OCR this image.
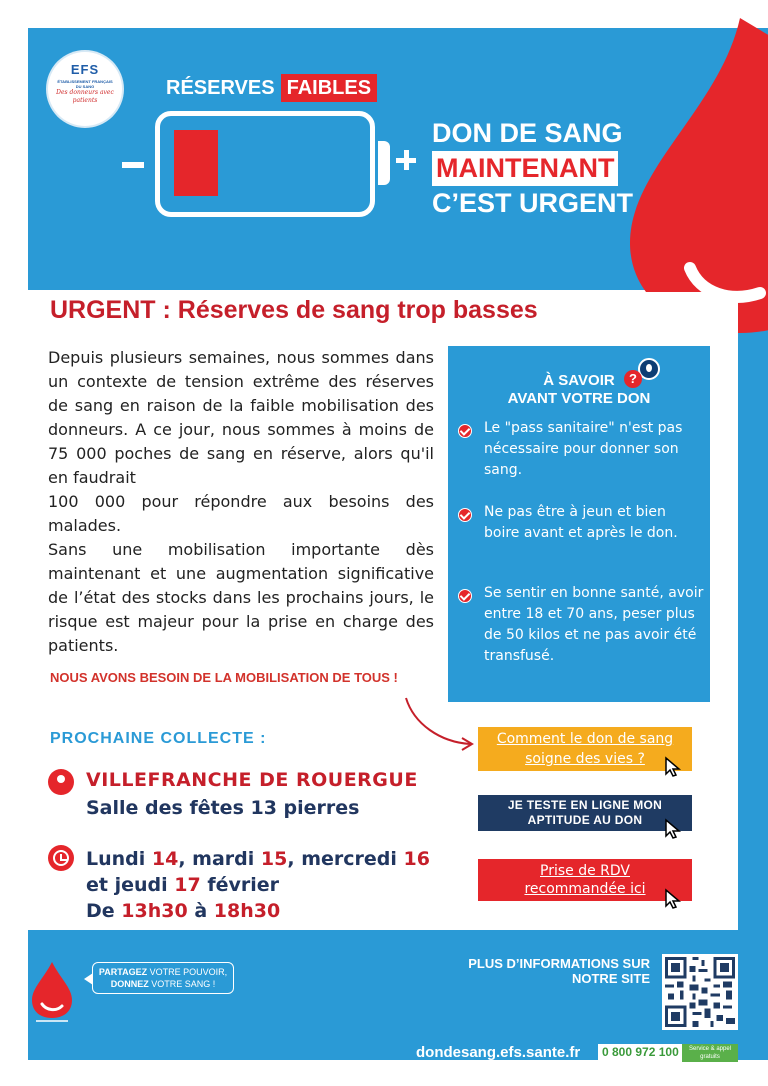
EFS
ÉTABLISSEMENT FRANÇAIS DU SANG
Des donneurs avec patients
RÉSERVES FAIBLES
DON DE SANG
MAINTENANT
C’EST URGENT
URGENT : Réserves de sang trop basses

Depuis plusieurs semaines, nous sommes dans un contexte de tension extrême des réserves de sang en raison de la faible mobilisation des donneurs. A ce jour, nous sommes à moins de 75 000 poches de sang en réserve, alors qu'il en faudrait

100 000 pour répondre aux besoins des malades.

Sans une mobilisation importante dès maintenant et une augmentation significative de l’état des stocks dans les prochains jours, le risque est majeur pour la prise en charge des patients.

NOUS AVONS BESOIN DE LA MOBILISATION DE TOUS !
?
À SAVOIR
AVANT VOTRE DON
Le "pass sanitaire" n'est pas nécessaire pour donner son sang.
Ne pas être à jeun et bien boire avant et après le don.
Se sentir en bonne santé, avoir entre 18 et 70 ans, peser plus de 50 kilos et ne pas avoir été transfusé.
PROCHAINE COLLECTE :
VILLEFRANCHE DE ROUERGUE
Salle des fêtes 13 pierres
Lundi 14, mardi 15, mercredi 16
et jeudi 17 février
De 13h30 à 18h30
Comment le don de sang soigne des vies ?
JE TESTE EN LIGNE MON
APTITUDE AU DON
Prise de RDV
recommandée ici
PARTAGEZ VOTRE POUVOIR,
DONNEZ VOTRE SANG !
PLUS D’INFORMATIONS SUR
NOTRE SITE
dondesang.efs.sante.fr 0 800 972 100	Service & appel
gratuits
